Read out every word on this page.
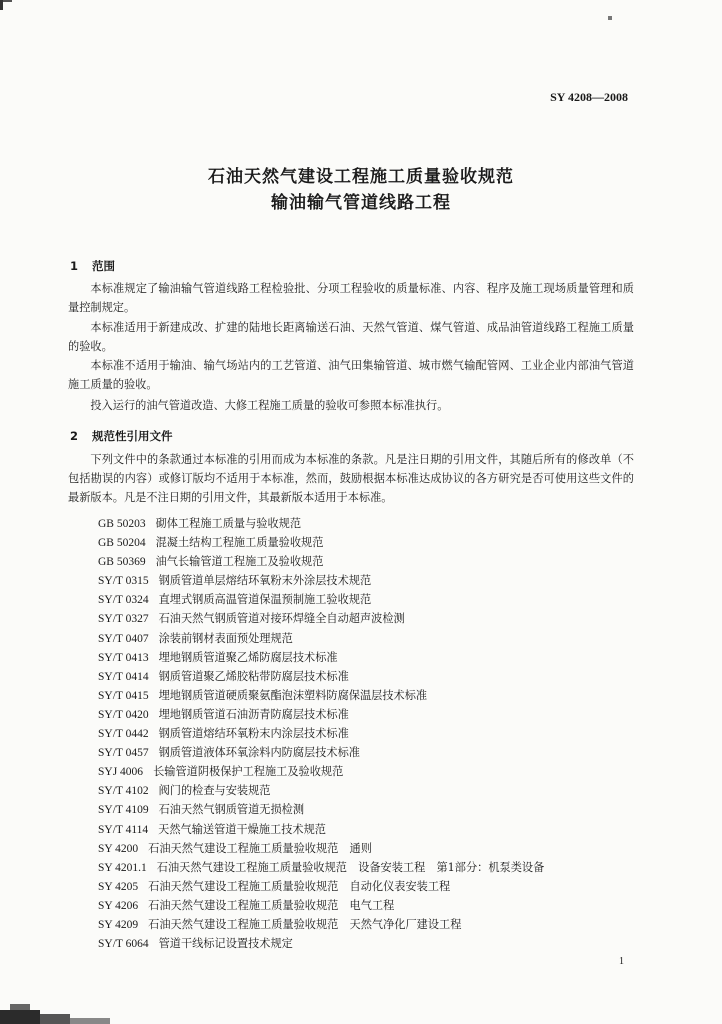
SY 4208—2008
石油天然气建设工程施工质量验收规范
输油输气管道线路工程
1 范围
本标准规定了输油输气管道线路工程检验批、分项工程验收的质量标准、内容、程序及施工现场质量管理和质量控制规定。
本标准适用于新建成改、扩建的陆地长距离输送石油、天然气管道、煤气管道、成品油管道线路工程施工质量的验收。
本标准不适用于输油、输气场站内的工艺管道、油气田集输管道、城市燃气输配管网、工业企业内部油气管道施工质量的验收。
投入运行的油气管道改造、大修工程施工质量的验收可参照本标准执行。
2 规范性引用文件
下列文件中的条款通过本标准的引用而成为本标准的条款。凡是注日期的引用文件，其随后所有的修改单（不包括勘误的内容）或修订版均不适用于本标准，然而，鼓励根据本标准达成协议的各方研究是否可使用这些文件的最新版本。凡是不注日期的引用文件，其最新版本适用于本标准。
GB 50203 砌体工程施工质量与验收规范
GB 50204 混凝土结构工程施工质量验收规范
GB 50369 油气长输管道工程施工及验收规范
SY/T 0315 钢质管道单层熔结环氧粉末外涂层技术规范
SY/T 0324 直埋式钢质高温管道保温预制施工验收规范
SY/T 0327 石油天然气钢质管道对接环焊缝全自动超声波检测
SY/T 0407 涂装前钢材表面预处理规范
SY/T 0413 埋地钢质管道聚乙烯防腐层技术标准
SY/T 0414 钢质管道聚乙烯胶粘带防腐层技术标准
SY/T 0415 埋地钢质管道硬质聚氨酯泡沫塑料防腐保温层技术标准
SY/T 0420 埋地钢质管道石油沥青防腐层技术标准
SY/T 0442 钢质管道熔结环氧粉末内涂层技术标准
SY/T 0457 钢质管道液体环氧涂料内防腐层技术标准
SYJ 4006 长输管道阴极保护工程施工及验收规范
SY/T 4102 阀门的检查与安装规范
SY/T 4109 石油天然气钢质管道无损检测
SY/T 4114 天然气输送管道干燥施工技术规范
SY 4200 石油天然气建设工程施工质量验收规范　通则
SY 4201.1 石油天然气建设工程施工质量验收规范　设备安装工程　第1部分：机泵类设备
SY 4205 石油天然气建设工程施工质量验收规范　自动化仪表安装工程
SY 4206 石油天然气建设工程施工质量验收规范　电气工程
SY 4209 石油天然气建设工程施工质量验收规范　天然气净化厂建设工程
SY/T 6064 管道干线标记设置技术规定
1
